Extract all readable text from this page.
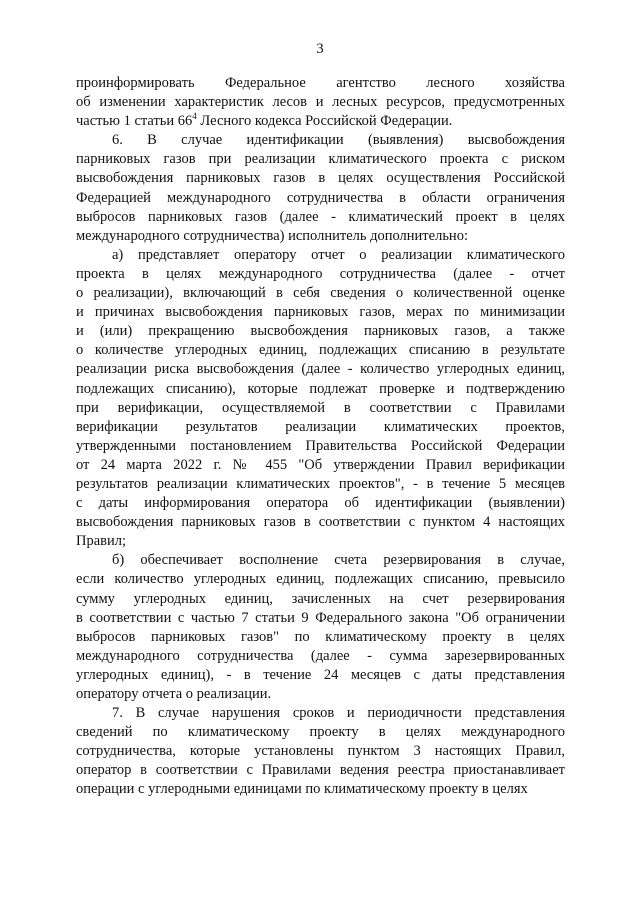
3
проинформировать Федеральное агентство лесного хозяйства
об изменении характеристик лесов и лесных ресурсов, предусмотренных
частью 1 статьи $66^4$ Лесного кодекса Российской Федерации.
6. В случае идентификации (выявления) высвобождения
парниковых газов при реализации климатического проекта с риском
высвобождения парниковых газов в целях осуществления Российской
Федерацией международного сотрудничества в области ограничения
выбросов парниковых газов (далее - климатический проект в целях
международного сотрудничества) исполнитель дополнительно:
а) представляет оператору отчет о реализации климатического
проекта в целях международного сотрудничества (далее - отчет
о реализации), включающий в себя сведения о количественной оценке
и причинах высвобождения парниковых газов, мерах по минимизации
и (или) прекращению высвобождения парниковых газов, а также
о количестве углеродных единиц, подлежащих списанию в результате
реализации риска высвобождения (далее - количество углеродных единиц,
подлежащих списанию), которые подлежат проверке и подтверждению
при верификации, осуществляемой в соответствии с Правилами
верификации результатов реализации климатических проектов,
утвержденными постановлением Правительства Российской Федерации
от 24 марта 2022 г. № 455 "Об утверждении Правил верификации
результатов реализации климатических проектов", - в течение 5 месяцев
с даты информирования оператора об идентификации (выявлении)
высвобождения парниковых газов в соответствии с пунктом 4 настоящих
Правил;
б) обеспечивает восполнение счета резервирования в случае,
если количество углеродных единиц, подлежащих списанию, превысило
сумму углеродных единиц, зачисленных на счет резервирования
в соответствии с частью 7 статьи 9 Федерального закона "Об ограничении
выбросов парниковых газов" по климатическому проекту в целях
международного сотрудничества (далее - сумма зарезервированных
углеродных единиц), - в течение 24 месяцев с даты представления
оператору отчета о реализации.
7. В случае нарушения сроков и периодичности представления
сведений по климатическому проекту в целях международного
сотрудничества, которые установлены пунктом 3 настоящих Правил,
оператор в соответствии с Правилами ведения реестра приостанавливает
операции с углеродными единицами по климатическому проекту в целях
